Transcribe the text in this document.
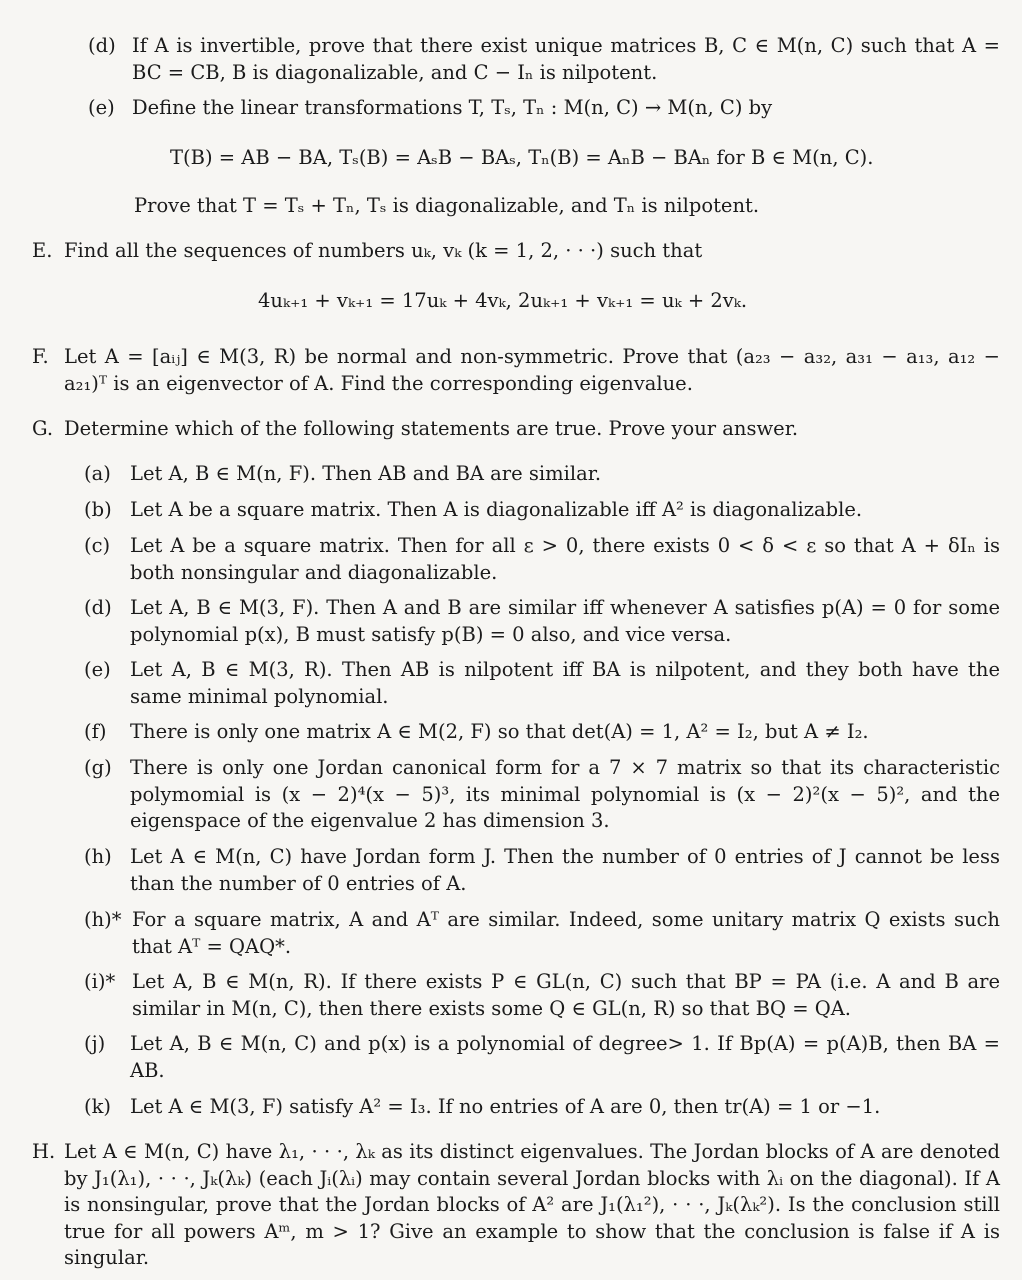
(d) If A is invertible, prove that there exist unique matrices B, C ∈ M(n, C) such that A = BC = CB, B is diagonalizable, and C − Iₙ is nilpotent.
(e) Define the linear transformations T, Tₛ, Tₙ : M(n, C) → M(n, C) by
T(B) = AB − BA, Tₛ(B) = AₛB − BAₛ, Tₙ(B) = AₙB − BAₙ for B ∈ M(n, C).
Prove that T = Tₛ + Tₙ, Tₛ is diagonalizable, and Tₙ is nilpotent.
E. Find all the sequences of numbers uₖ, vₖ (k = 1, 2, · · ·) such that
4uₖ₊₁ + vₖ₊₁ = 17uₖ + 4vₖ, 2uₖ₊₁ + vₖ₊₁ = uₖ + 2vₖ.
F. Let A = [aᵢⱼ] ∈ M(3, R) be normal and non-symmetric. Prove that (a₂₃ − a₃₂, a₃₁ − a₁₃, a₁₂ − a₂₁)ᵀ is an eigenvector of A. Find the corresponding eigenvalue.
G. Determine which of the following statements are true. Prove your answer.
(a) Let A, B ∈ M(n, F). Then AB and BA are similar.
(b) Let A be a square matrix. Then A is diagonalizable iff A² is diagonalizable.
(c) Let A be a square matrix. Then for all ε > 0, there exists 0 < δ < ε so that A + δIₙ is both nonsingular and diagonalizable.
(d) Let A, B ∈ M(3, F). Then A and B are similar iff whenever A satisfies p(A) = 0 for some polynomial p(x), B must satisfy p(B) = 0 also, and vice versa.
(e) Let A, B ∈ M(3, R). Then AB is nilpotent iff BA is nilpotent, and they both have the same minimal polynomial.
(f) There is only one matrix A ∈ M(2, F) so that det(A) = 1, A² = I₂, but A ≠ I₂.
(g) There is only one Jordan canonical form for a 7 × 7 matrix so that its characteristic polymomial is (x − 2)⁴(x − 5)³, its minimal polynomial is (x − 2)²(x − 5)², and the eigenspace of the eigenvalue 2 has dimension 3.
(h) Let A ∈ M(n, C) have Jordan form J. Then the number of 0 entries of J cannot be less than the number of 0 entries of A.
(h)* For a square matrix, A and Aᵀ are similar. Indeed, some unitary matrix Q exists such that Aᵀ = QAQ*.
(i)* Let A, B ∈ M(n, R). If there exists P ∈ GL(n, C) such that BP = PA (i.e. A and B are similar in M(n, C), then there exists some Q ∈ GL(n, R) so that BQ = QA.
(j) Let A, B ∈ M(n, C) and p(x) is a polynomial of degree> 1. If Bp(A) = p(A)B, then BA = AB.
(k) Let A ∈ M(3, F) satisfy A² = I₃. If no entries of A are 0, then tr(A) = 1 or −1.
H. Let A ∈ M(n, C) have λ₁, · · ·, λₖ as its distinct eigenvalues. The Jordan blocks of A are denoted by J₁(λ₁), · · ·, Jₖ(λₖ) (each Jᵢ(λᵢ) may contain several Jordan blocks with λᵢ on the diagonal). If A is nonsingular, prove that the Jordan blocks of A² are J₁(λ₁²), · · ·, Jₖ(λₖ²). Is the conclusion still true for all powers Aᵐ, m > 1? Give an example to show that the conclusion is false if A is singular.
